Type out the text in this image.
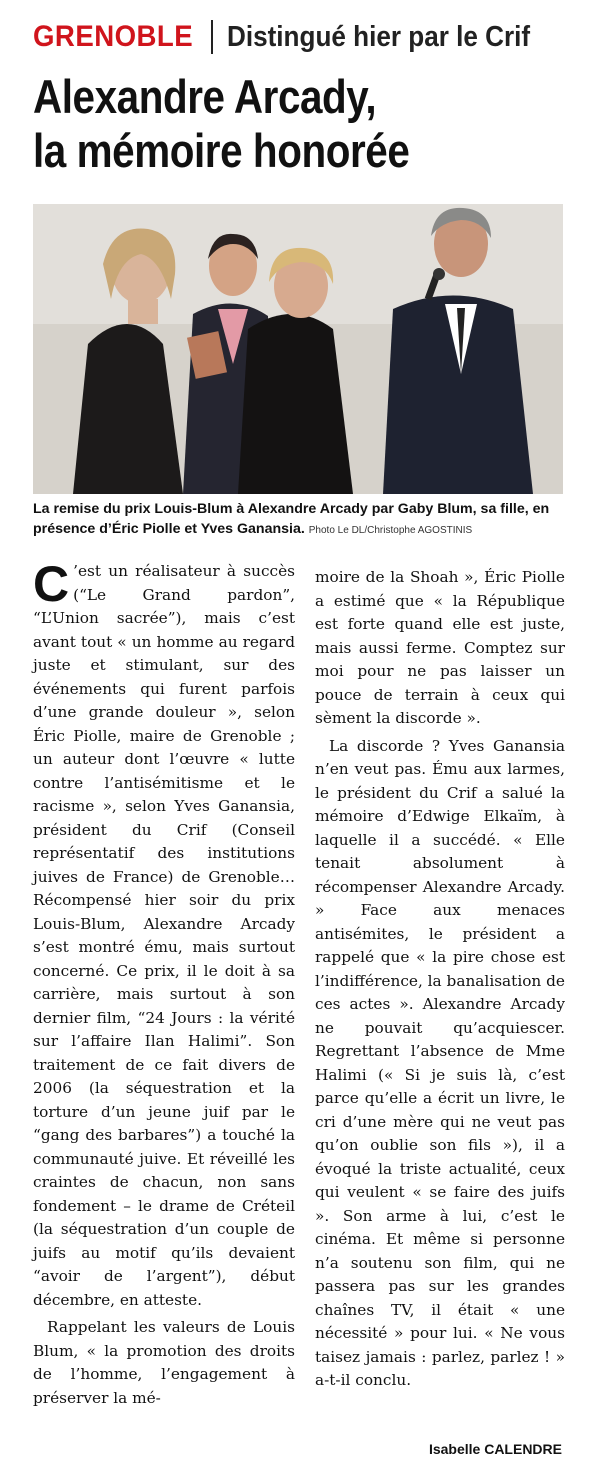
GRENOBLE Distingué hier par le Crif
Alexandre Arcady,
la mémoire honorée
La remise du prix Louis-Blum à Alexandre Arcady par Gaby Blum, sa fille, en présence d’Éric Piolle et Yves Ganansia. Photo Le DL/Christophe AGOSTINIS

C ’est un réalisateur à succès (“Le Grand pardon”, “L’Union sacrée”), mais c’est avant tout « un homme au regard juste et stimulant, sur des événements qui furent parfois d’une grande douleur », selon Éric Piolle, maire de Grenoble ; un auteur dont l’œuvre « lutte contre l’antisémitisme et le racisme », selon Yves Ganansia, président du Crif (Conseil représentatif des institutions juives de France) de Grenoble… Récompensé hier soir du prix Louis-Blum, Alexandre Arcady s’est montré ému, mais surtout concerné. Ce prix, il le doit à sa carrière, mais surtout à son dernier film, “24 Jours : la vérité sur l’affaire Ilan Halimi”. Son traitement de ce fait divers de 2006 (la séquestration et la torture d’un jeune juif par le “gang des barbares”) a touché la communauté juive. Et réveillé les craintes de chacun, non sans fondement – le drame de Créteil (la séquestration d’un couple de juifs au motif qu’ils devaient “avoir de l’argent”), début décembre, en atteste.

Rappelant les valeurs de Louis Blum, « la promotion des droits de l’homme, l’engagement à préserver la mé-

moire de la Shoah », Éric Piolle a estimé que « la République est forte quand elle est juste, mais aussi ferme. Comptez sur moi pour ne pas laisser un pouce de terrain à ceux qui sèment la discorde ».

La discorde ? Yves Ganansia n’en veut pas. Ému aux larmes, le président du Crif a salué la mémoire d’Edwige Elkaïm, à laquelle il a succédé. « Elle tenait absolument à récompenser Alexandre Arcady. » Face aux menaces antisémites, le président a rappelé que « la pire chose est l’indifférence, la banalisation de ces actes ». Alexandre Arcady ne pouvait qu’acquiescer. Regrettant l’absence de Mme Halimi (« Si je suis là, c’est parce qu’elle a écrit un livre, le cri d’une mère qui ne veut pas qu’on oublie son fils »), il a évoqué la triste actualité, ceux qui veulent « se faire des juifs ». Son arme à lui, c’est le cinéma. Et même si personne n’a soutenu son film, qui ne passera pas sur les grandes chaînes TV, il était « une nécessité » pour lui. « Ne vous taisez jamais : parlez, parlez ! » a-t-il conclu.

Isabelle CALENDRE
